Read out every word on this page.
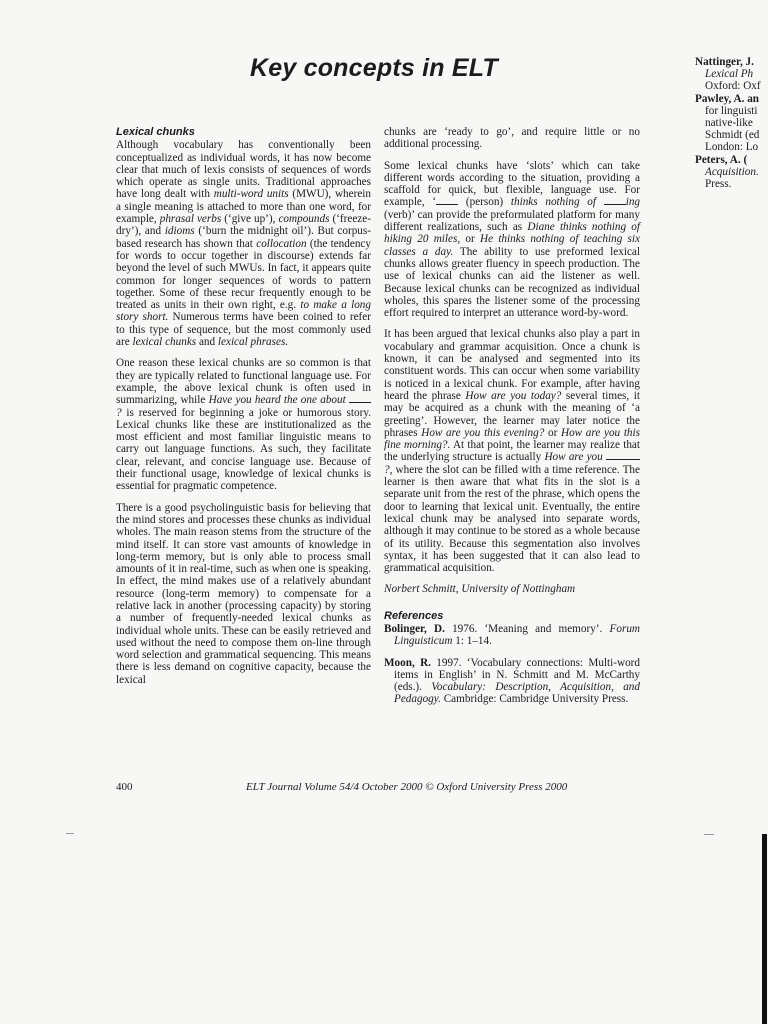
Key concepts in ELT
Lexical chunks

Although vocabulary has conventionally been conceptualized as individual words, it has now become clear that much of lexis consists of sequences of words which operate as single units. Traditional approaches have long dealt with multi-word units (MWU), wherein a single meaning is attached to more than one word, for example, phrasal verbs (‘give up’), compounds (‘freeze-dry’), and idioms (‘burn the midnight oil’). But corpus-based research has shown that collocation (the tendency for words to occur together in discourse) extends far beyond the level of such MWUs. In fact, it appears quite common for longer sequences of words to pattern together. Some of these recur frequently enough to be treated as units in their own right, e.g. to make a long story short. Numerous terms have been coined to refer to this type of sequence, but the most commonly used are lexical chunks and lexical phrases.

One reason these lexical chunks are so common is that they are typically related to functional language use. For example, the above lexical chunk is often used in summarizing, while Have you heard the one about  ? is reserved for beginning a joke or humorous story. Lexical chunks like these are institutionalized as the most efficient and most familiar linguistic means to carry out language functions. As such, they facilitate clear, relevant, and concise language use. Because of their functional usage, knowledge of lexical chunks is essential for pragmatic competence.

There is a good psycholinguistic basis for believing that the mind stores and processes these chunks as individual wholes. The main reason stems from the structure of the mind itself. It can store vast amounts of knowledge in long-term memory, but is only able to process small amounts of it in real-time, such as when one is speaking. In effect, the mind makes use of a relatively abundant resource (long-term memory) to compensate for a relative lack in another (processing capacity) by storing a number of frequently-needed lexical chunks as individual whole units. These can be easily retrieved and used without the need to compose them on-line through word selection and grammatical sequencing. This means there is less demand on cognitive capacity, because the lexical

chunks are ‘ready to go’, and require little or no additional processing.

Some lexical chunks have ‘slots’ which can take different words according to the situation, providing a scaffold for quick, but flexible, language use. For example, ‘ (person) thinks nothing of	ing (verb)’ can provide the preformulated platform for many different realizations, such as Diane thinks nothing of hiking 20 miles, or He thinks nothing of teaching six classes a day. The ability to use preformed lexical chunks allows greater fluency in speech production. The use of lexical chunks can aid the listener as well. Because lexical chunks can be recognized as individual wholes, this spares the listener some of the processing effort required to interpret an utterance word-by-word.

It has been argued that lexical chunks also play a part in vocabulary and grammar acquisition. Once a chunk is known, it can be analysed and segmented into its constituent words. This can occur when some variability is noticed in a lexical chunk. For example, after having heard the phrase How are you today? several times, it may be acquired as a chunk with the meaning of ‘a greeting’. However, the learner may later notice the phrases How are you this evening? or How are you this fine morning?. At that point, the learner may realize that the underlying structure is actually How are you  ?, where the slot can be filled with a time reference. The learner is then aware that what fits in the slot is a separate unit from the rest of the phrase, which opens the door to learning that lexical unit. Eventually, the entire lexical chunk may be analysed into separate words, although it may continue to be stored as a whole because of its utility. Because this segmentation also involves syntax, it has been suggested that it can also lead to grammatical acquisition.

Norbert Schmitt, University of Nottingham

References

Bolinger, D. 1976. ‘Meaning and memory’. Forum Linguisticum 1: 1–14.

Moon, R. 1997. ‘Vocabulary connections: Multi-word items in English’ in N. Schmitt and M. McCarthy (eds.). Vocabulary: Description, Acquisition, and Pedagogy. Cambridge: Cambridge University Press.

Nattinger, J.
Lexical Ph
Oxford: Oxf
Pawley, A. an
for linguisti
native-like
Schmidt (ed
London: Lo
Peters, A. (
Acquisition.
Press.
400	ELT Journal Volume 54/4 October 2000 © Oxford University Press 2000
